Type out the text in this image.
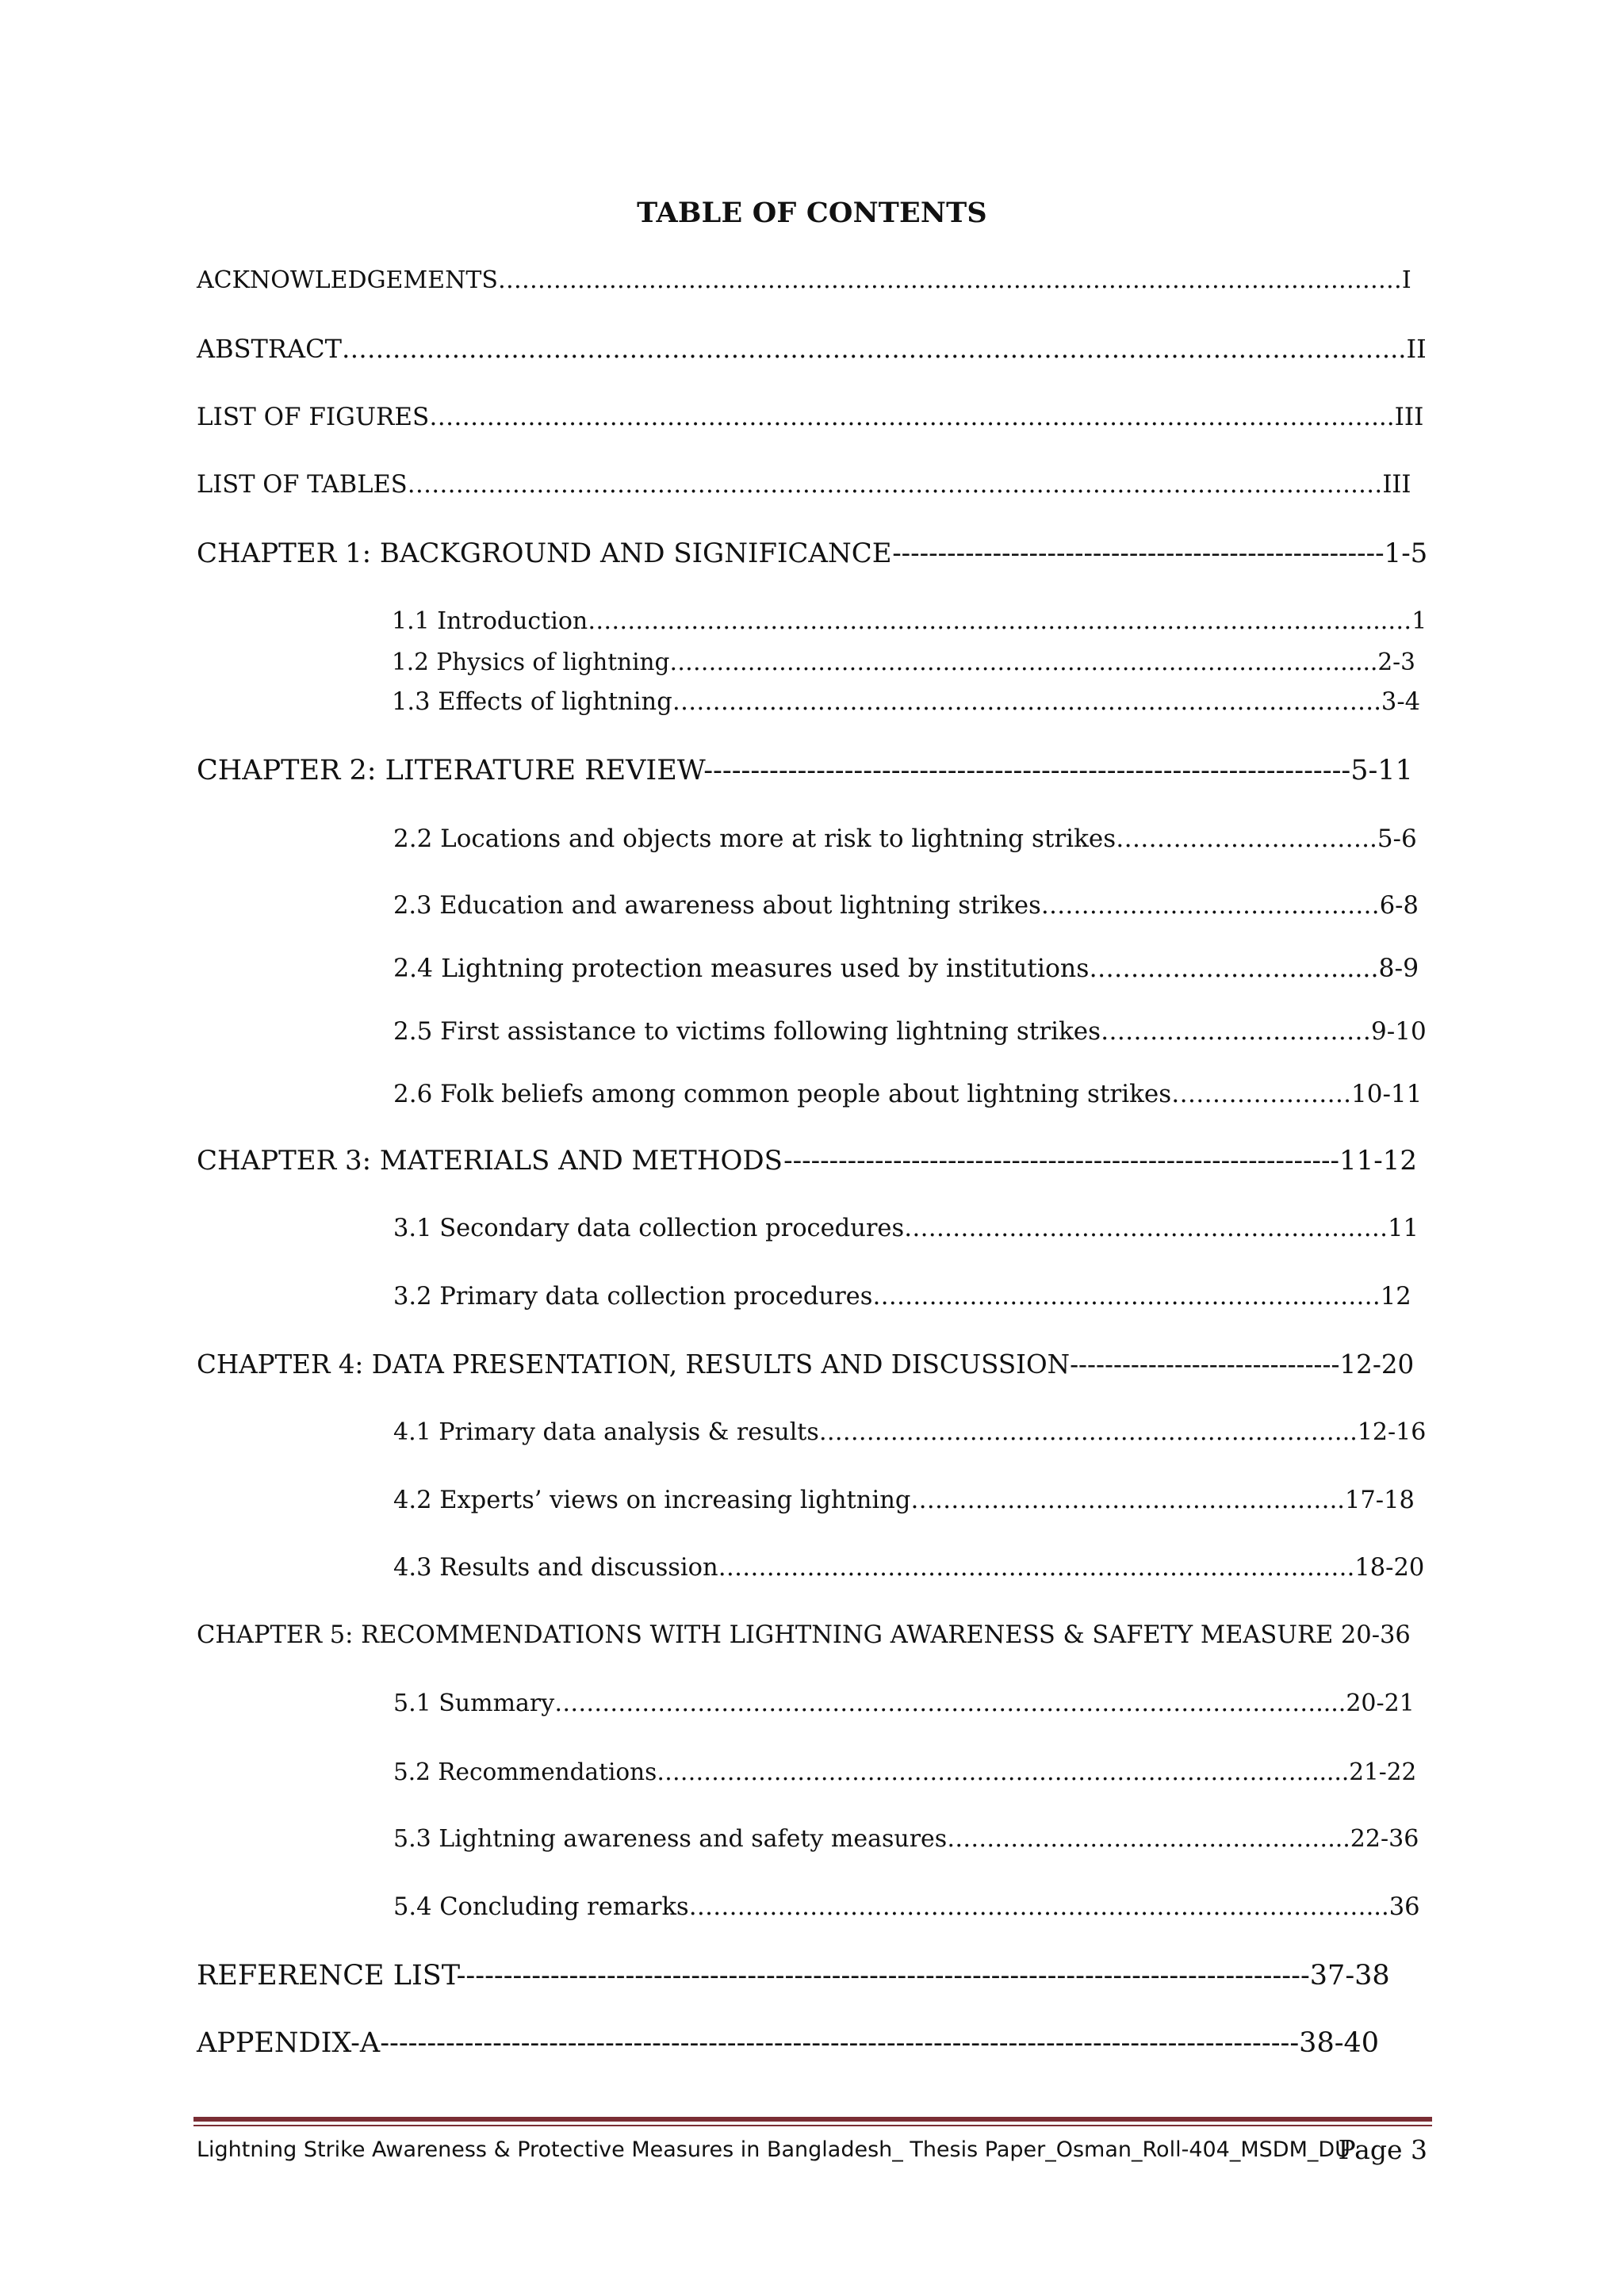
TABLE OF CONTENTS
ACKNOWLEDGEMENTS……………………………………………………………………………………………………I
ABSTRACT……………………………………………………………………………………………………………...II
LIST OF FIGURES………………………………………………………………………………………………….…...III
LIST OF TABLES……………………………………………………………………………………………………….…III
CHAPTER 1: BACKGROUND AND SIGNIFICANCE------------------------------------------------------1-5
1.1 Introduction………………………………………………………………………………………..…1
1.2 Physics of lightning……………………………………………………………………………....2-3
1.3 Effects of lightning…………………………………………………………………………….3-4
CHAPTER 2: LITERATURE REVIEW---------------------------------------------------------------------5-11
2.2 Locations and objects more at risk to lightning strikes…………………………..5-6
2.3 Education and awareness about lightning strikes……………………………………6-8
2.4 Lightning protection measures used by institutions………………………….....8-9
2.5 First assistance to victims following lightning strikes……………………………9-10
2.6 Folk beliefs among common people about lightning strikes………………….10-11
CHAPTER 3: MATERIALS AND METHODS-------------------------------------------------------------11-12
3.1 Secondary data collection procedures……………………………………………………11
3.2 Primary data collection procedures………………………………………………………12
CHAPTER 4: DATA PRESENTATION, RESULTS AND DISCUSSION-------------------------------12-20
4.1 Primary data analysis & results…………………………………………………………..12-16
4.2 Experts’ views on increasing lightning………….…………………………………..17-18
4.3 Results and discussion…………………………………………………………………….18-20
CHAPTER 5: RECOMMENDATIONS WITH LIGHTNING AWARENESS & SAFETY MEASURE 20-36
5.1 Summary……………………………………………………………………………………....20-21
5.2 Recommendations………………………………………………………………………….....21-22
5.3 Lightning awareness and safety measures…………………………………………...22-36
5.4 Concluding remarks…………………………………………………………………………...36
REFERENCE LIST-------------------------------------------------------------------------------------------37-38
APPENDIX-A--------------------------------------------------------------------------------------------------38-40
Lightning Strike Awareness & Protective Measures in Bangladesh_ Thesis Paper_Osman_Roll-404_MSDM_DU
Page 3
